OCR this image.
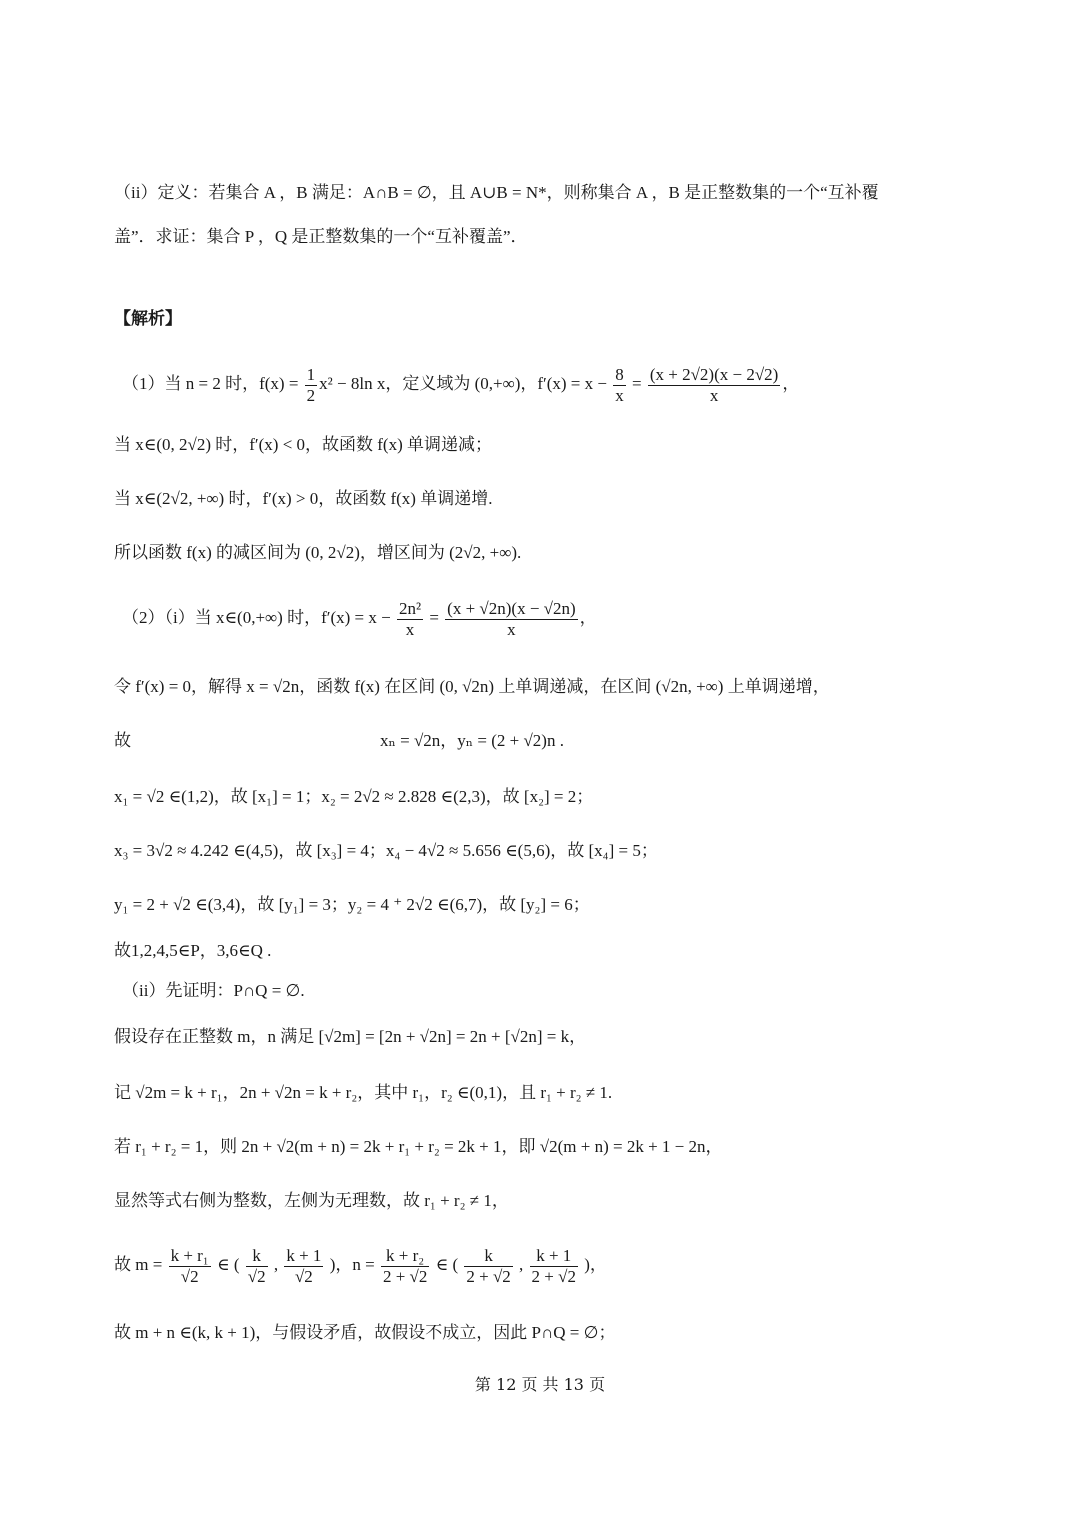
（ii）定义：若集合 A ，B 满足：A∩B = ∅，且 A∪B = N*，则称集合 A ，B 是正整数集的一个“互补覆
盖”．求证：集合 P ，Q 是正整数集的一个“互补覆盖”．
【解析】
（1）当 n = 2 时，$f(x) = \frac{1}{2} x^2 - 8\ln$ x，定义域为 (0,+∞)，$f'(x) = x - \frac{8}{x} = \frac{(x + 2√2)(x - 2√2)}{x}$ ，
当 x∈(0, 2√2) 时，f′(x) < 0，故函数 f(x) 单调递减；
当 x∈(2√2, +∞) 时，f′(x) > 0，故函数 f(x) 单调递增.
所以函数 f(x) 的减区间为 (0, 2√2)，增区间为 (2√2, +∞).
（2）（i）当 x∈(0,+∞) 时，$f'(x) = x - \frac{\text{2n²}}{x} = \frac{(x + √2n)(x - √2n)}{x}$ ，
令 f′(x) = 0，解得 x = √2n，函数 f(x) 在区间 (0, √2n) 上单调递减，在区间 (√2n, +∞) 上单调递增，
故	xₙ = √2n，yₙ = (2 + √2)n .
x₁ = √2 ∈(1,2)，故 [x₁] = 1；x₂ = 2√2 ≈ 2.828 ∈(2,3)，故 [x₂] = 2；
x₃ = 3√2 ≈ 4.242 ∈(4,5)，故 [x₃] = 4；x₄ − 4√2 ≈ 5.656 ∈(5,6)，故 [x₄] = 5；
y₁ = 2 + √2 ∈(3,4)，故 [y₁] = 3；y₂ = 4 ⁺ 2√2 ∈(6,7)，故 [y₂] = 6；
故1,2,4,5∈P，3,6∈Q .
（ii）先证明：P∩Q = ∅.
假设存在正整数 m，n 满足 [√2m] = [2n + √2n] = 2n + [√2n] = k，
记 √2m = k + r₁，2n + √2n = k + r₂，其中 r₁，r₂ ∈(0,1)，且 r₁ + r₂ ≠ 1.
若 r₁ + r₂ = 1，则 2n + √2(m + n) = 2k + r₁ + r₂ = 2k + 1，即 √2(m + n) = 2k + 1 − 2n，
显然等式右侧为整数，左侧为无理数，故 r₁ + r₂ ≠ 1，
故 $m = \frac{\text{k + r₁}}{√2}$ ∈ ( $\frac{k}{√2}$ , $\frac{k + 1}{√2}$ )，$n = \frac{\text{k + r₂}}{2 + √2}$ ∈ ( $\frac{k}{2 + √2}$ , $\frac{k + 1}{2 + √2}$ )，
故 m + n ∈(k, k + 1)，与假设矛盾，故假设不成立，因此 P∩Q = ∅；
第 12 页 共 13 页
